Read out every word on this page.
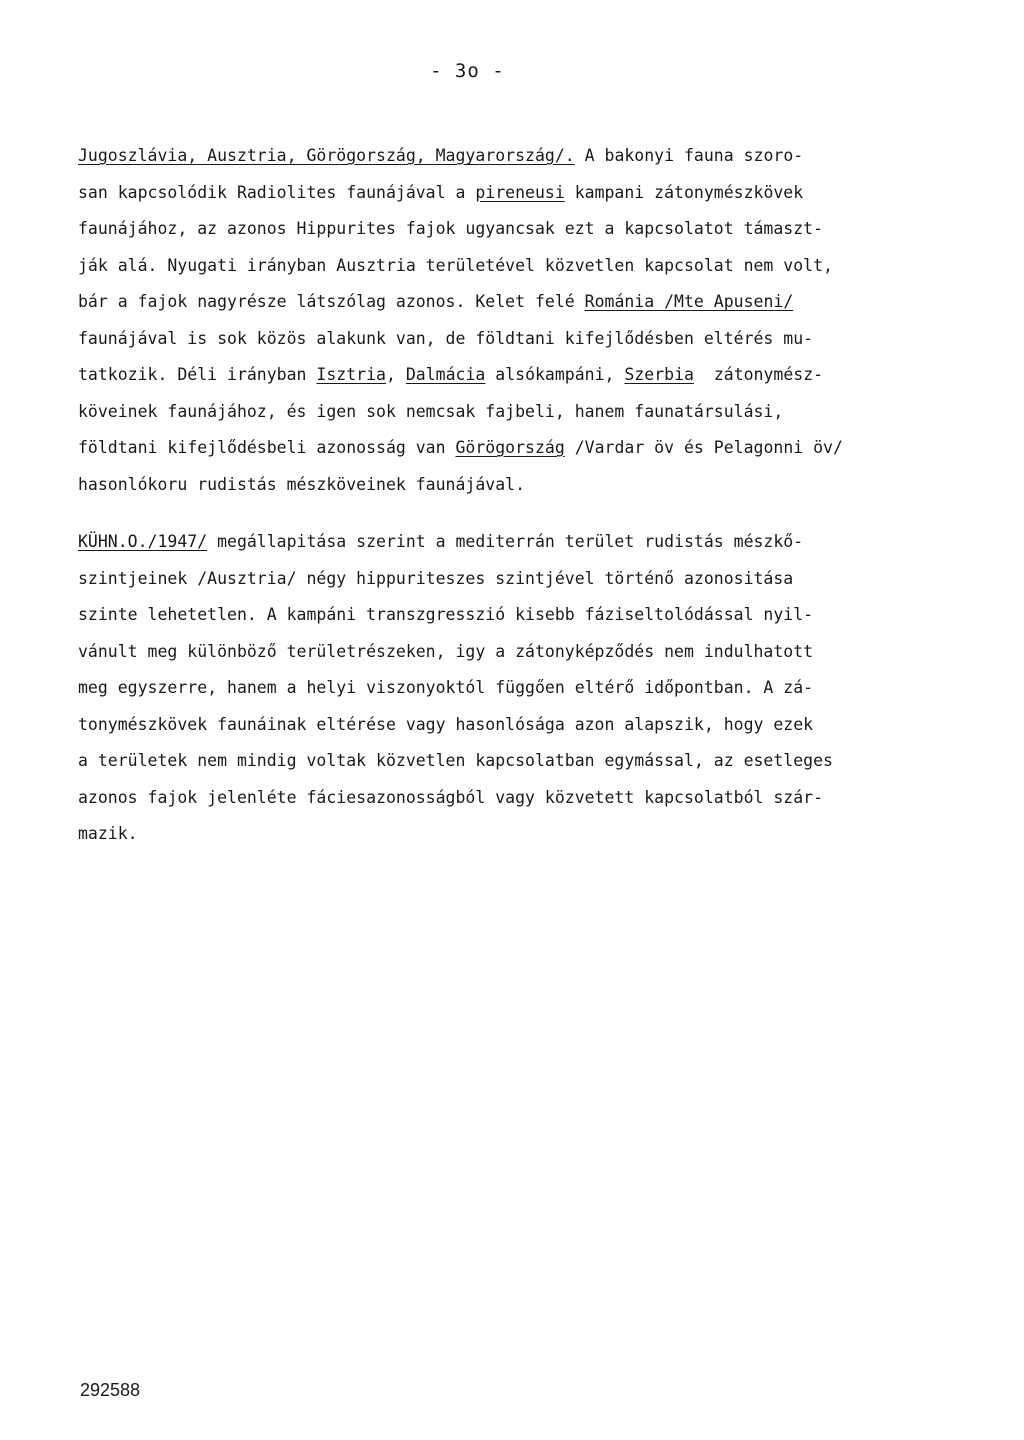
- 3o -
Jugoszlávia, Ausztria, Görögország, Magyarország/. A bakonyi fauna szoro-
san kapcsolódik Radiolites faunájával a pireneusi kampani zátonymészkövek
faunájához, az azonos Hippurites fajok ugyancsak ezt a kapcsolatot támaszt-
ják alá. Nyugati irányban Ausztria területével közvetlen kapcsolat nem volt,
bár a fajok nagyrésze látszólag azonos. Kelet felé Románia /Mte Apuseni/
faunájával is sok közös alakunk van, de földtani kifejlődésben eltérés mu-
tatkozik. Déli irányban Isztria, Dalmácia alsókampáni, Szerbia  zátonymész-
köveinek faunájához, és igen sok nemcsak fajbeli, hanem faunatársulási,
földtani kifejlődésbeli azonosság van Görögország /Vardar öv és Pelagonni öv/
hasonlókoru rudistás mészköveinek faunájával.
KÜHN.O./1947/ megállapitása szerint a mediterrán terület rudistás mészkő-
szintjeinek /Ausztria/ négy hippuriteszes szintjével történő azonositása
szinte lehetetlen. A kampáni transzgresszió kisebb fáziseltolódással nyil-
vánult meg különböző területrészeken, igy a zátonyképződés nem indulhatott
meg egyszerre, hanem a helyi viszonyoktól függően eltérő időpontban. A zá-
tonymészkövek faunáinak eltérése vagy hasonlósága azon alapszik, hogy ezek
a területek nem mindig voltak közvetlen kapcsolatban egymással, az esetleges
azonos fajok jelenléte fáciesazonosságból vagy közvetett kapcsolatból szár-
mazik.
292588
